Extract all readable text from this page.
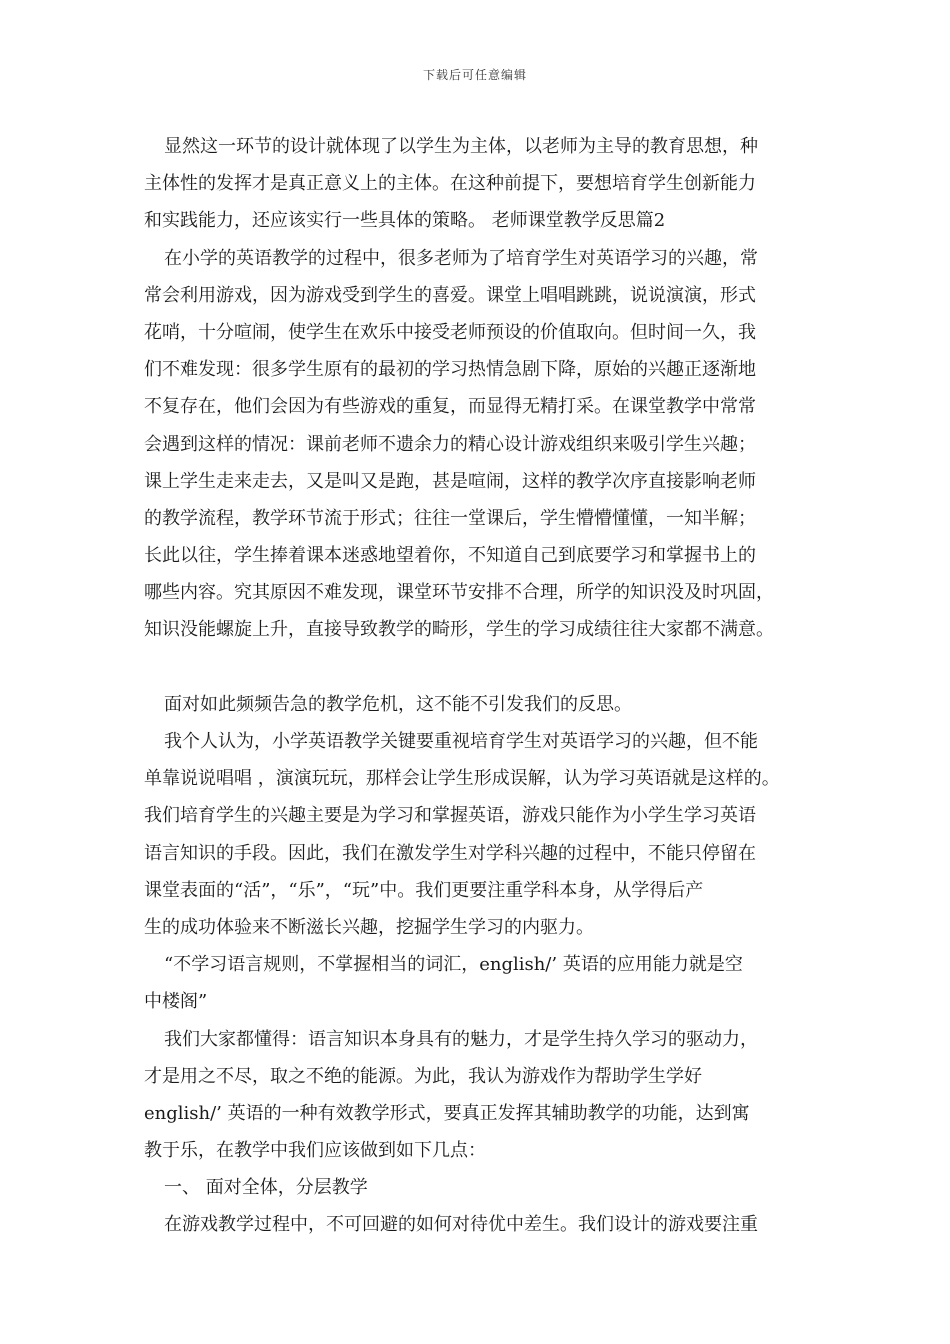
下载后可任意编辑
显然这一环节的设计就体现了以学生为主体，以老师为主导的教育思想，种
主体性的发挥才是真正意义上的主体。在这种前提下，要想培育学生创新能力
和实践能力，还应该实行一些具体的策略。 老师课堂教学反思篇2
在小学的英语教学的过程中，很多老师为了培育学生对英语学习的兴趣，常
常会利用游戏，因为游戏受到学生的喜爱。课堂上唱唱跳跳，说说演演，形式
花哨，十分喧闹，使学生在欢乐中接受老师预设的价值取向。但时间一久，我
们不难发现：很多学生原有的最初的学习热情急剧下降，原始的兴趣正逐渐地
不复存在，他们会因为有些游戏的重复，而显得无精打采。在课堂教学中常常
会遇到这样的情况：课前老师不遗余力的精心设计游戏组织来吸引学生兴趣；
课上学生走来走去，又是叫又是跑，甚是喧闹，这样的教学次序直接影响老师
的教学流程，教学环节流于形式；往往一堂课后，学生懵懵懂懂，一知半解；
长此以往，学生捧着课本迷惑地望着你，不知道自己到底要学习和掌握书上的
哪些内容。究其原因不难发现，课堂环节安排不合理，所学的知识没及时巩固，
知识没能螺旋上升，直接导致教学的畸形，学生的学习成绩往往大家都不满意。
面对如此频频告急的教学危机，这不能不引发我们的反思。
我个人认为，小学英语教学关键要重视培育学生对英语学习的兴趣，但不能
单靠说说唱唱 ，演演玩玩，那样会让学生形成误解，认为学习英语就是这样的。
我们培育学生的兴趣主要是为学习和掌握英语，游戏只能作为小学生学习英语
语言知识的手段。因此，我们在激发学生对学科兴趣的过程中，不能只停留在
课堂表面的“活”，“乐”，“玩”中。我们更要注重学科本身，从学得后产
生的成功体验来不断滋长兴趣，挖掘学生学习的内驱力。
“不学习语言规则，不掌握相当的词汇，english/’ 英语的应用能力就是空
中楼阁”
我们大家都懂得：语言知识本身具有的魅力，才是学生持久学习的驱动力，
才是用之不尽，取之不绝的能源。为此，我认为游戏作为帮助学生学好
english/’ 英语的一种有效教学形式，要真正发挥其辅助教学的功能，达到寓
教于乐，在教学中我们应该做到如下几点：
一、 面对全体，分层教学
在游戏教学过程中，不可回避的如何对待优中差生。我们设计的游戏要注重
